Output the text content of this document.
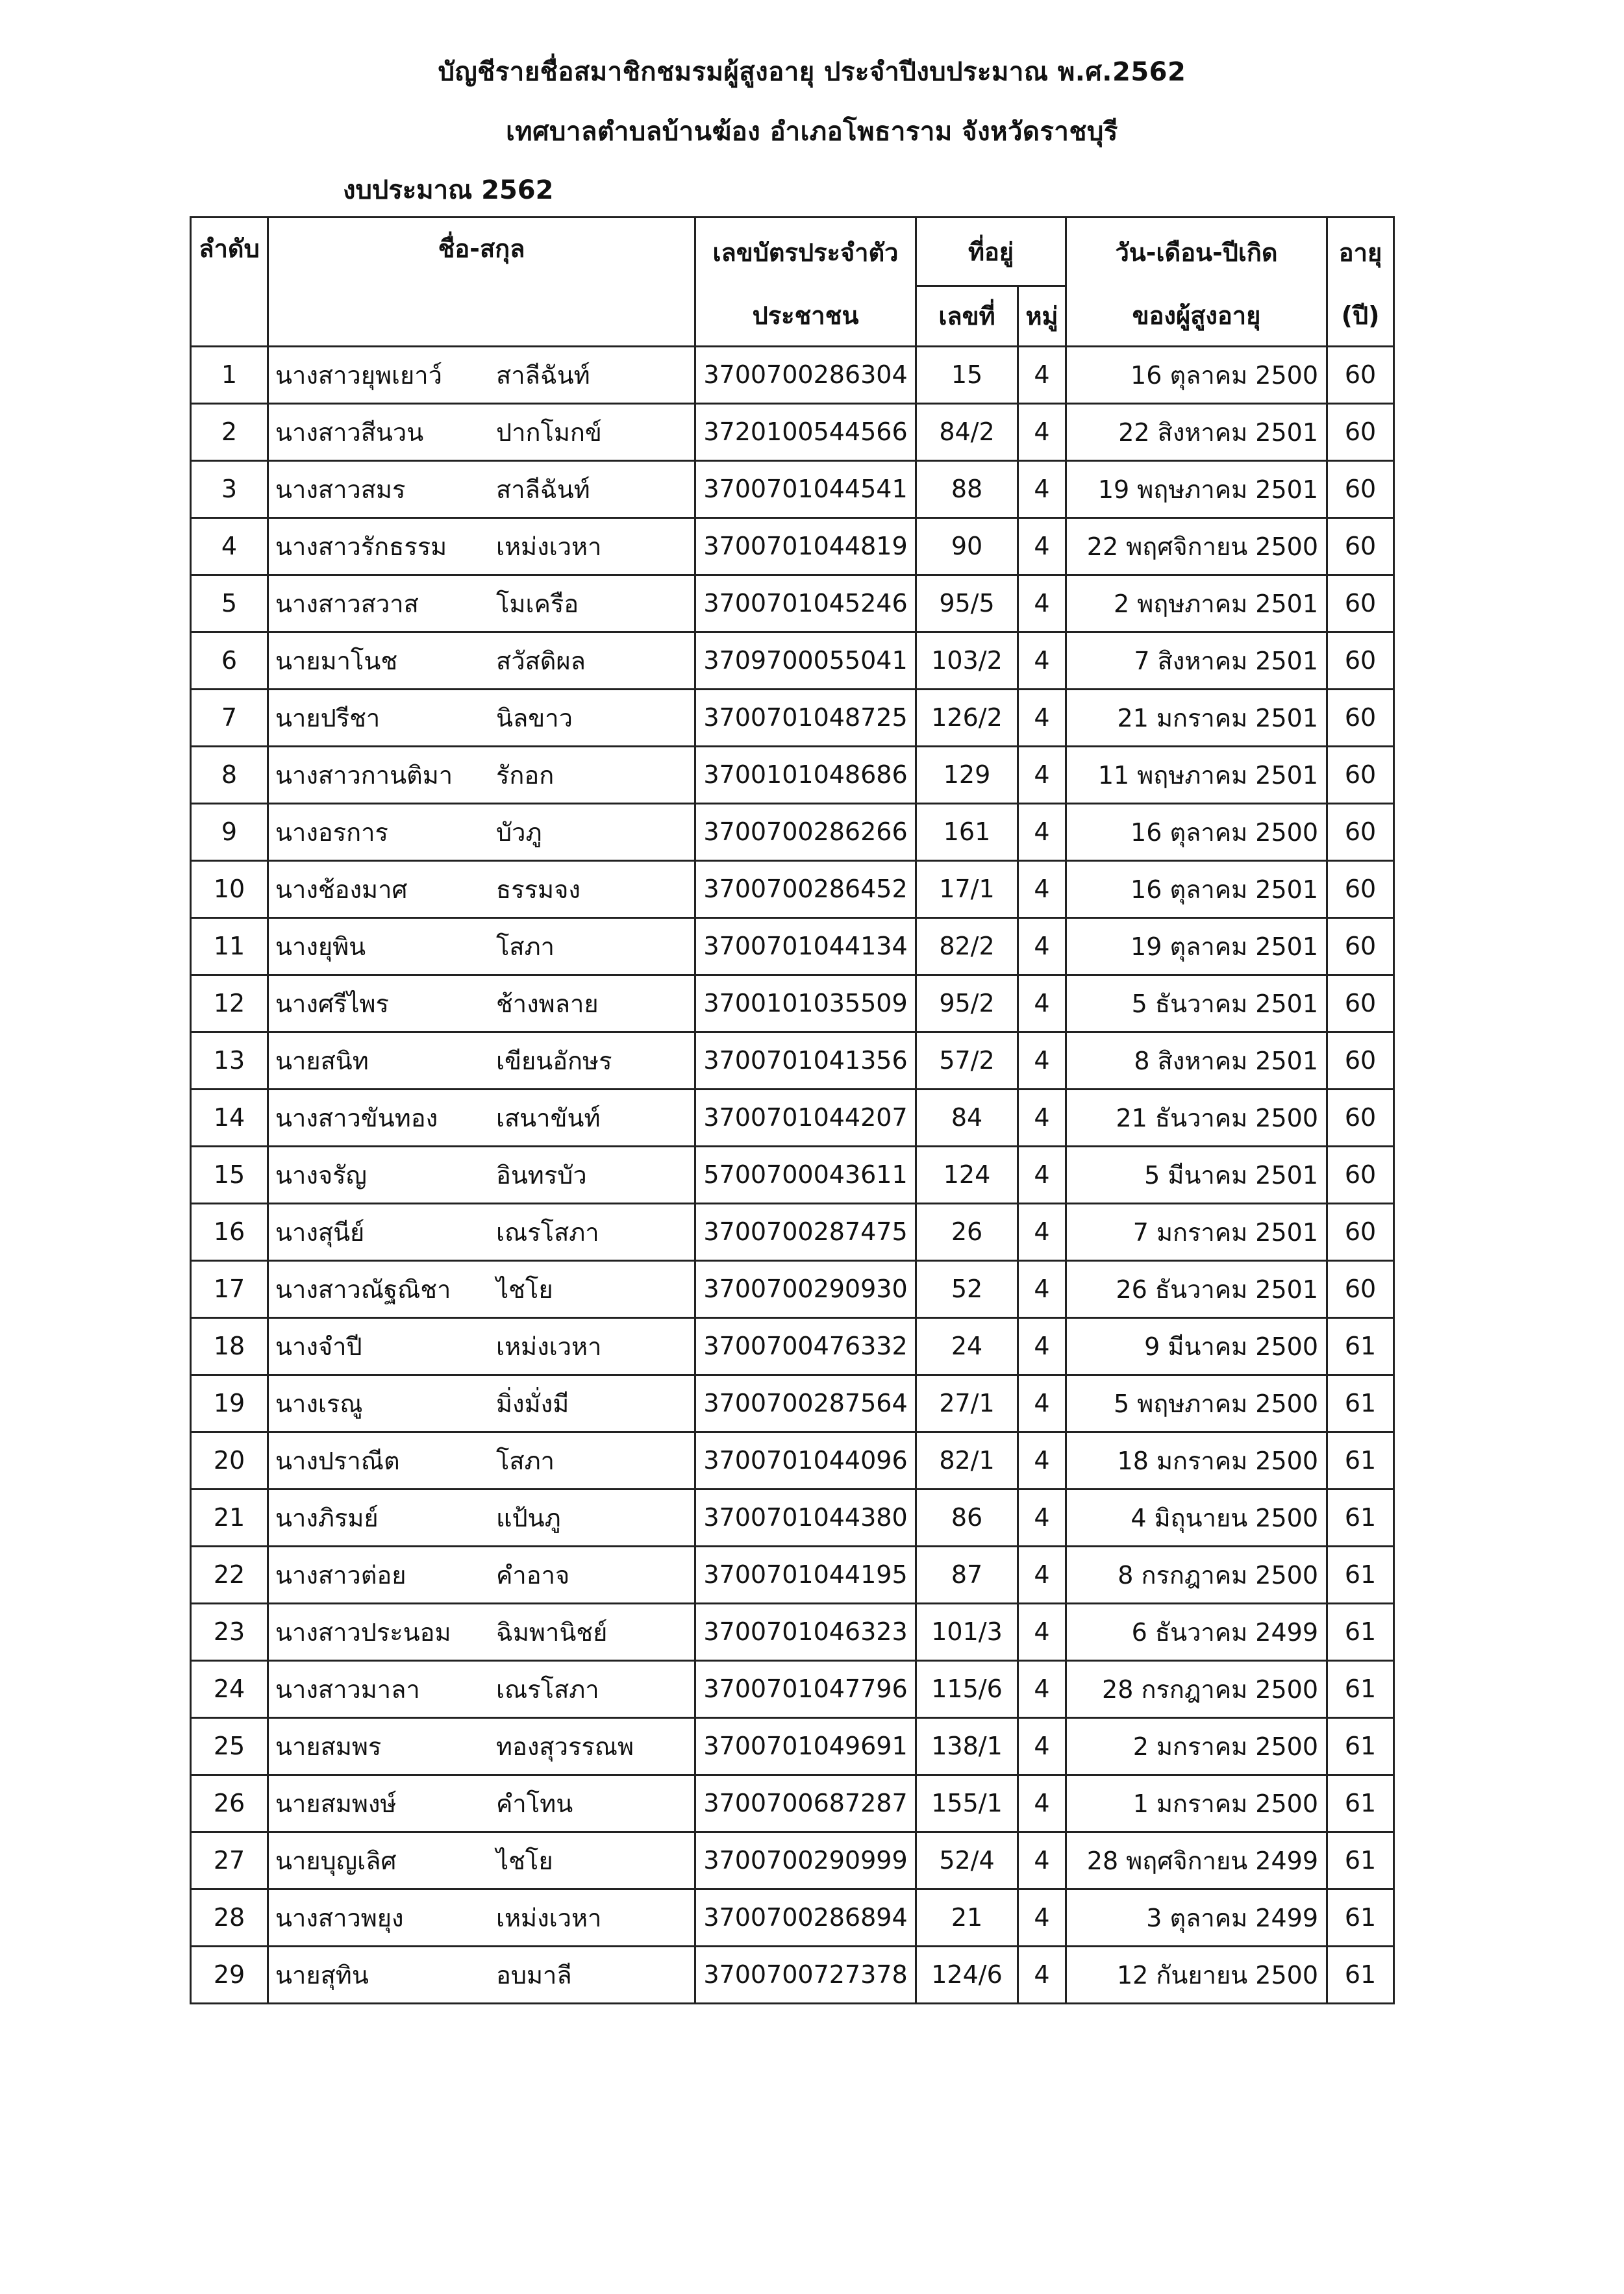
บัญชีรายชื่อสมาชิกชมรมผู้สูงอายุ ประจำปีงบประมาณ พ.ศ.2562
เทศบาลตำบลบ้านฆ้อง อำเภอโพธาราม จังหวัดราชบุรี
งบประมาณ 2562
ลำดับ	ชื่อ-สกุล	เลขบัตรประจำตัว	ที่อยู่		วัน-เดือน-ปีเกิด	อายุ
		ประชาชน	เลขที่	หมู่	ของผู้สูงอายุ	(ปี)
1	นางสาวยุพเยาว์ สาลีฉันท์	3700700286304	15	4	16 ตุลาคม 2500	60
2	นางสาวสีนวน ปากโมกข์	3720100544566	84/2	4	22 สิงหาคม 2501	60
3	นางสาวสมร สาลีฉันท์	3700701044541	88	4	19 พฤษภาคม 2501	60
4	นางสาวรักธรรม เหม่งเวหา	3700701044819	90	4	22 พฤศจิกายน 2500	60
5	นางสาวสวาส โมเครือ	3700701045246	95/5	4	2 พฤษภาคม 2501	60
6	นายมาโนช สวัสดิผล	3709700055041	103/2	4	7 สิงหาคม 2501	60
7	นายปรีชา นิลขาว	3700701048725	126/2	4	21 มกราคม 2501	60
8	นางสาวกานติมา รักอก	3700101048686	129	4	11 พฤษภาคม 2501	60
9	นางอรการ บัวภู	3700700286266	161	4	16 ตุลาคม 2500	60
10	นางช้องมาศ ธรรมจง	3700700286452	17/1	4	16 ตุลาคม 2501	60
11	นางยุพิน โสภา	3700701044134	82/2	4	19 ตุลาคม 2501	60
12	นางศรีไพร ช้างพลาย	3700101035509	95/2	4	5 ธันวาคม 2501	60
13	นายสนิท เขียนอักษร	3700701041356	57/2	4	8 สิงหาคม 2501	60
14	นางสาวขันทอง เสนาขันท์	3700701044207	84	4	21 ธันวาคม 2500	60
15	นางจรัญ อินทรบัว	5700700043611	124	4	5 มีนาคม 2501	60
16	นางสุนีย์ เณรโสภา	3700700287475	26	4	7 มกราคม 2501	60
17	นางสาวณัฐณิชา ไชโย	3700700290930	52	4	26 ธันวาคม 2501	60
18	นางจำปี เหม่งเวหา	3700700476332	24	4	9 มีนาคม 2500	61
19	นางเรณู มิ่งมั่งมี	3700700287564	27/1	4	5 พฤษภาคม 2500	61
20	นางปราณีต โสภา	3700701044096	82/1	4	18 มกราคม 2500	61
21	นางภิรมย์ แป้นภู	3700701044380	86	4	4 มิถุนายน 2500	61
22	นางสาวต่อย คำอาจ	3700701044195	87	4	8 กรกฎาคม 2500	61
23	นางสาวประนอม ฉิมพานิชย์	3700701046323	101/3	4	6 ธันวาคม 2499	61
24	นางสาวมาลา เณรโสภา	3700701047796	115/6	4	28 กรกฎาคม 2500	61
25	นายสมพร ทองสุวรรณพ	3700701049691	138/1	4	2 มกราคม 2500	61
26	นายสมพงษ์ คำโทน	3700700687287	155/1	4	1 มกราคม 2500	61
27	นายบุญเลิศ ไชโย	3700700290999	52/4	4	28 พฤศจิกายน 2499	61
28	นางสาวพยุง เหม่งเวหา	3700700286894	21	4	3 ตุลาคม 2499	61
29	นายสุทิน อบมาลี	3700700727378	124/6	4	12 กันยายน 2500	61
